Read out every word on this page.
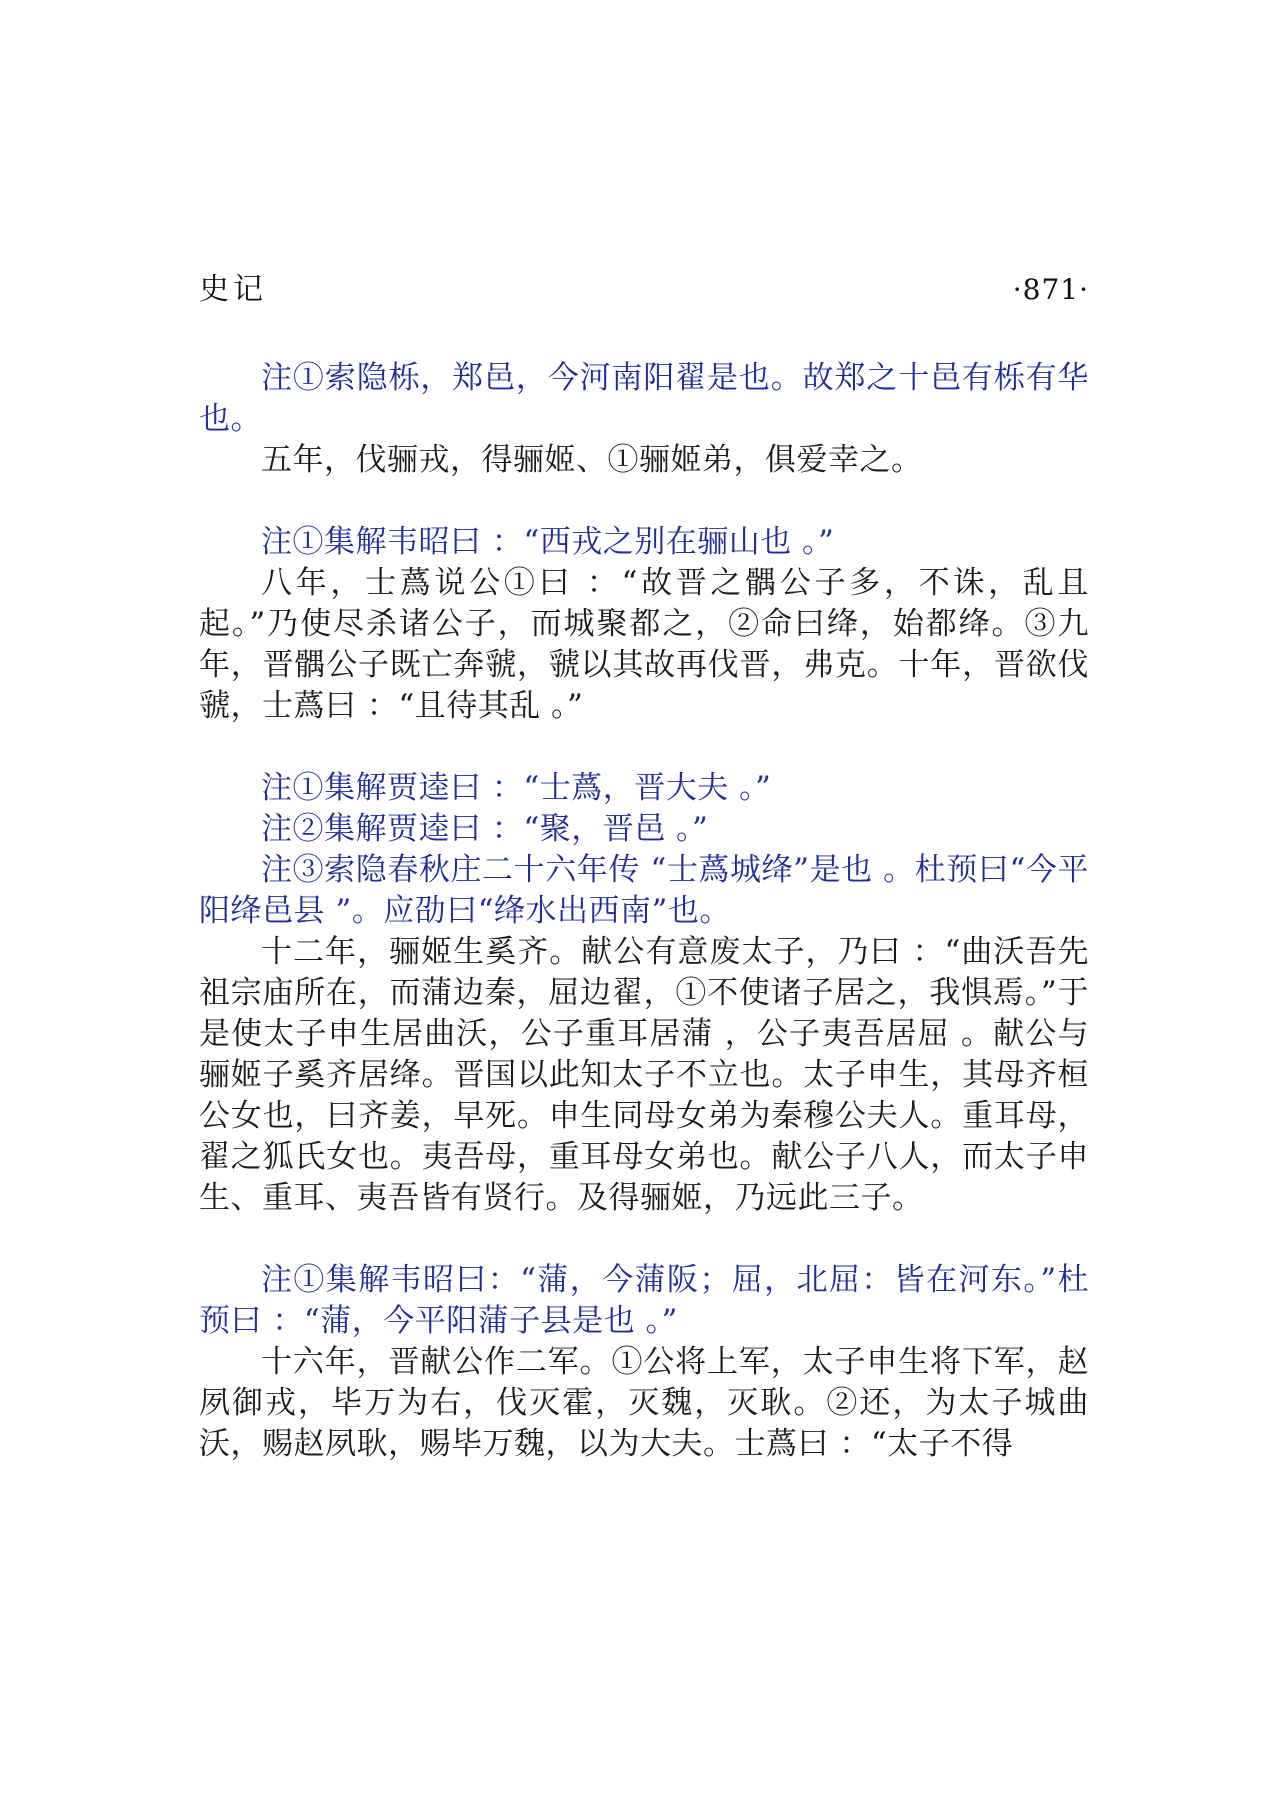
史记	·871·

注①索隐栎，郑邑，今河南阳翟是也。故郑之十邑有栎有华也。

五年，伐骊戎，得骊姬、①骊姬弟，俱爱幸之。

注①集解韦昭曰 ：“西戎之别在骊山也 。”

八年，士蔿说公①曰 ：“故晋之髃公子多，不诛，乱且起。”乃使尽杀诸公子，而城聚都之，②命曰绛，始都绛。③九年，晋髃公子既亡奔虢，虢以其故再伐晋，弗克。十年，晋欲伐虢，士蔿曰 ：“且待其乱 。”

注①集解贾逵曰 ：“士蔿，晋大夫 。”

注②集解贾逵曰 ：“聚，晋邑 。”

注③索隐春秋庄二十六年传 “士蔿城绛”是也 。杜预曰“今平阳绛邑县 ”。应劭曰“绛水出西南”也。

十二年，骊姬生奚齐。献公有意废太子，乃曰 ：“曲沃吾先祖宗庙所在，而蒲边秦，屈边翟，①不使诸子居之，我惧焉。”于是使太子申生居曲沃，公子重耳居蒲 ，公子夷吾居屈 。献公与骊姬子奚齐居绛。晋国以此知太子不立也。太子申生，其母齐桓公女也，曰齐姜，早死。申生同母女弟为秦穆公夫人。重耳母，翟之狐氏女也。夷吾母，重耳母女弟也。献公子八人，而太子申生、重耳、夷吾皆有贤行。及得骊姬，乃远此三子。

注①集解韦昭曰：“蒲，今蒲阪；屈，北屈：皆在河东。”杜预曰 ：“蒲，今平阳蒲子县是也 。”

十六年，晋献公作二军。①公将上军，太子申生将下军，赵夙御戎，毕万为右，伐灭霍，灭魏，灭耿。②还，为太子城曲沃，赐赵夙耿，赐毕万魏，以为大夫。士蔿曰 ：“太子不得
